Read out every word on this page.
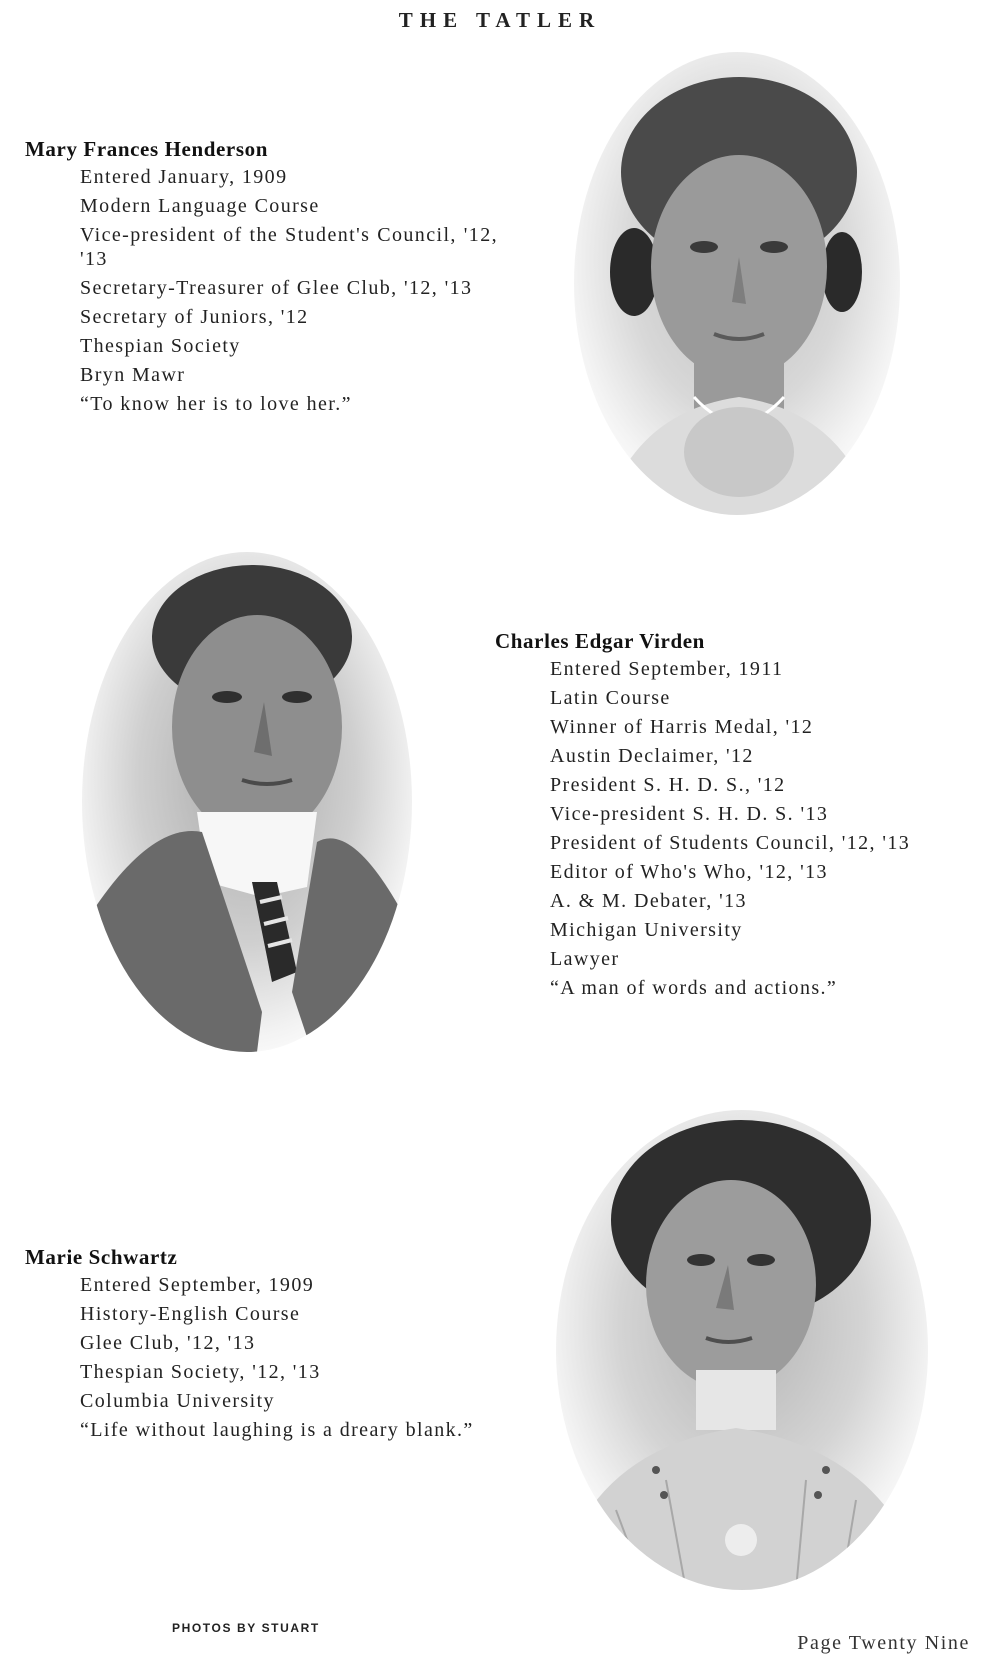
THE TATLER
Mary Frances Henderson
Entered January, 1909
Modern Language Course
Vice-president of the Student's Council, '12, '13
Secretary-Treasurer of Glee Club, '12, '13
Secretary of Juniors, '12
Thespian Society
Bryn Mawr
“To know her is to love her.”
Charles Edgar Virden
Entered September, 1911
Latin Course
Winner of Harris Medal, '12
Austin Declaimer, '12
President S. H. D. S., '12
Vice-president S. H. D. S. '13
President of Students Council, '12, '13
Editor of Who's Who, '12, '13
A. & M. Debater, '13
Michigan University
Lawyer
“A man of words and actions.”
Marie Schwartz
Entered September, 1909
History-English Course
Glee Club, '12, '13
Thespian Society, '12, '13
Columbia University
“Life without laughing is a dreary blank.”
PHOTOS BY STUART
Page Twenty Nine
